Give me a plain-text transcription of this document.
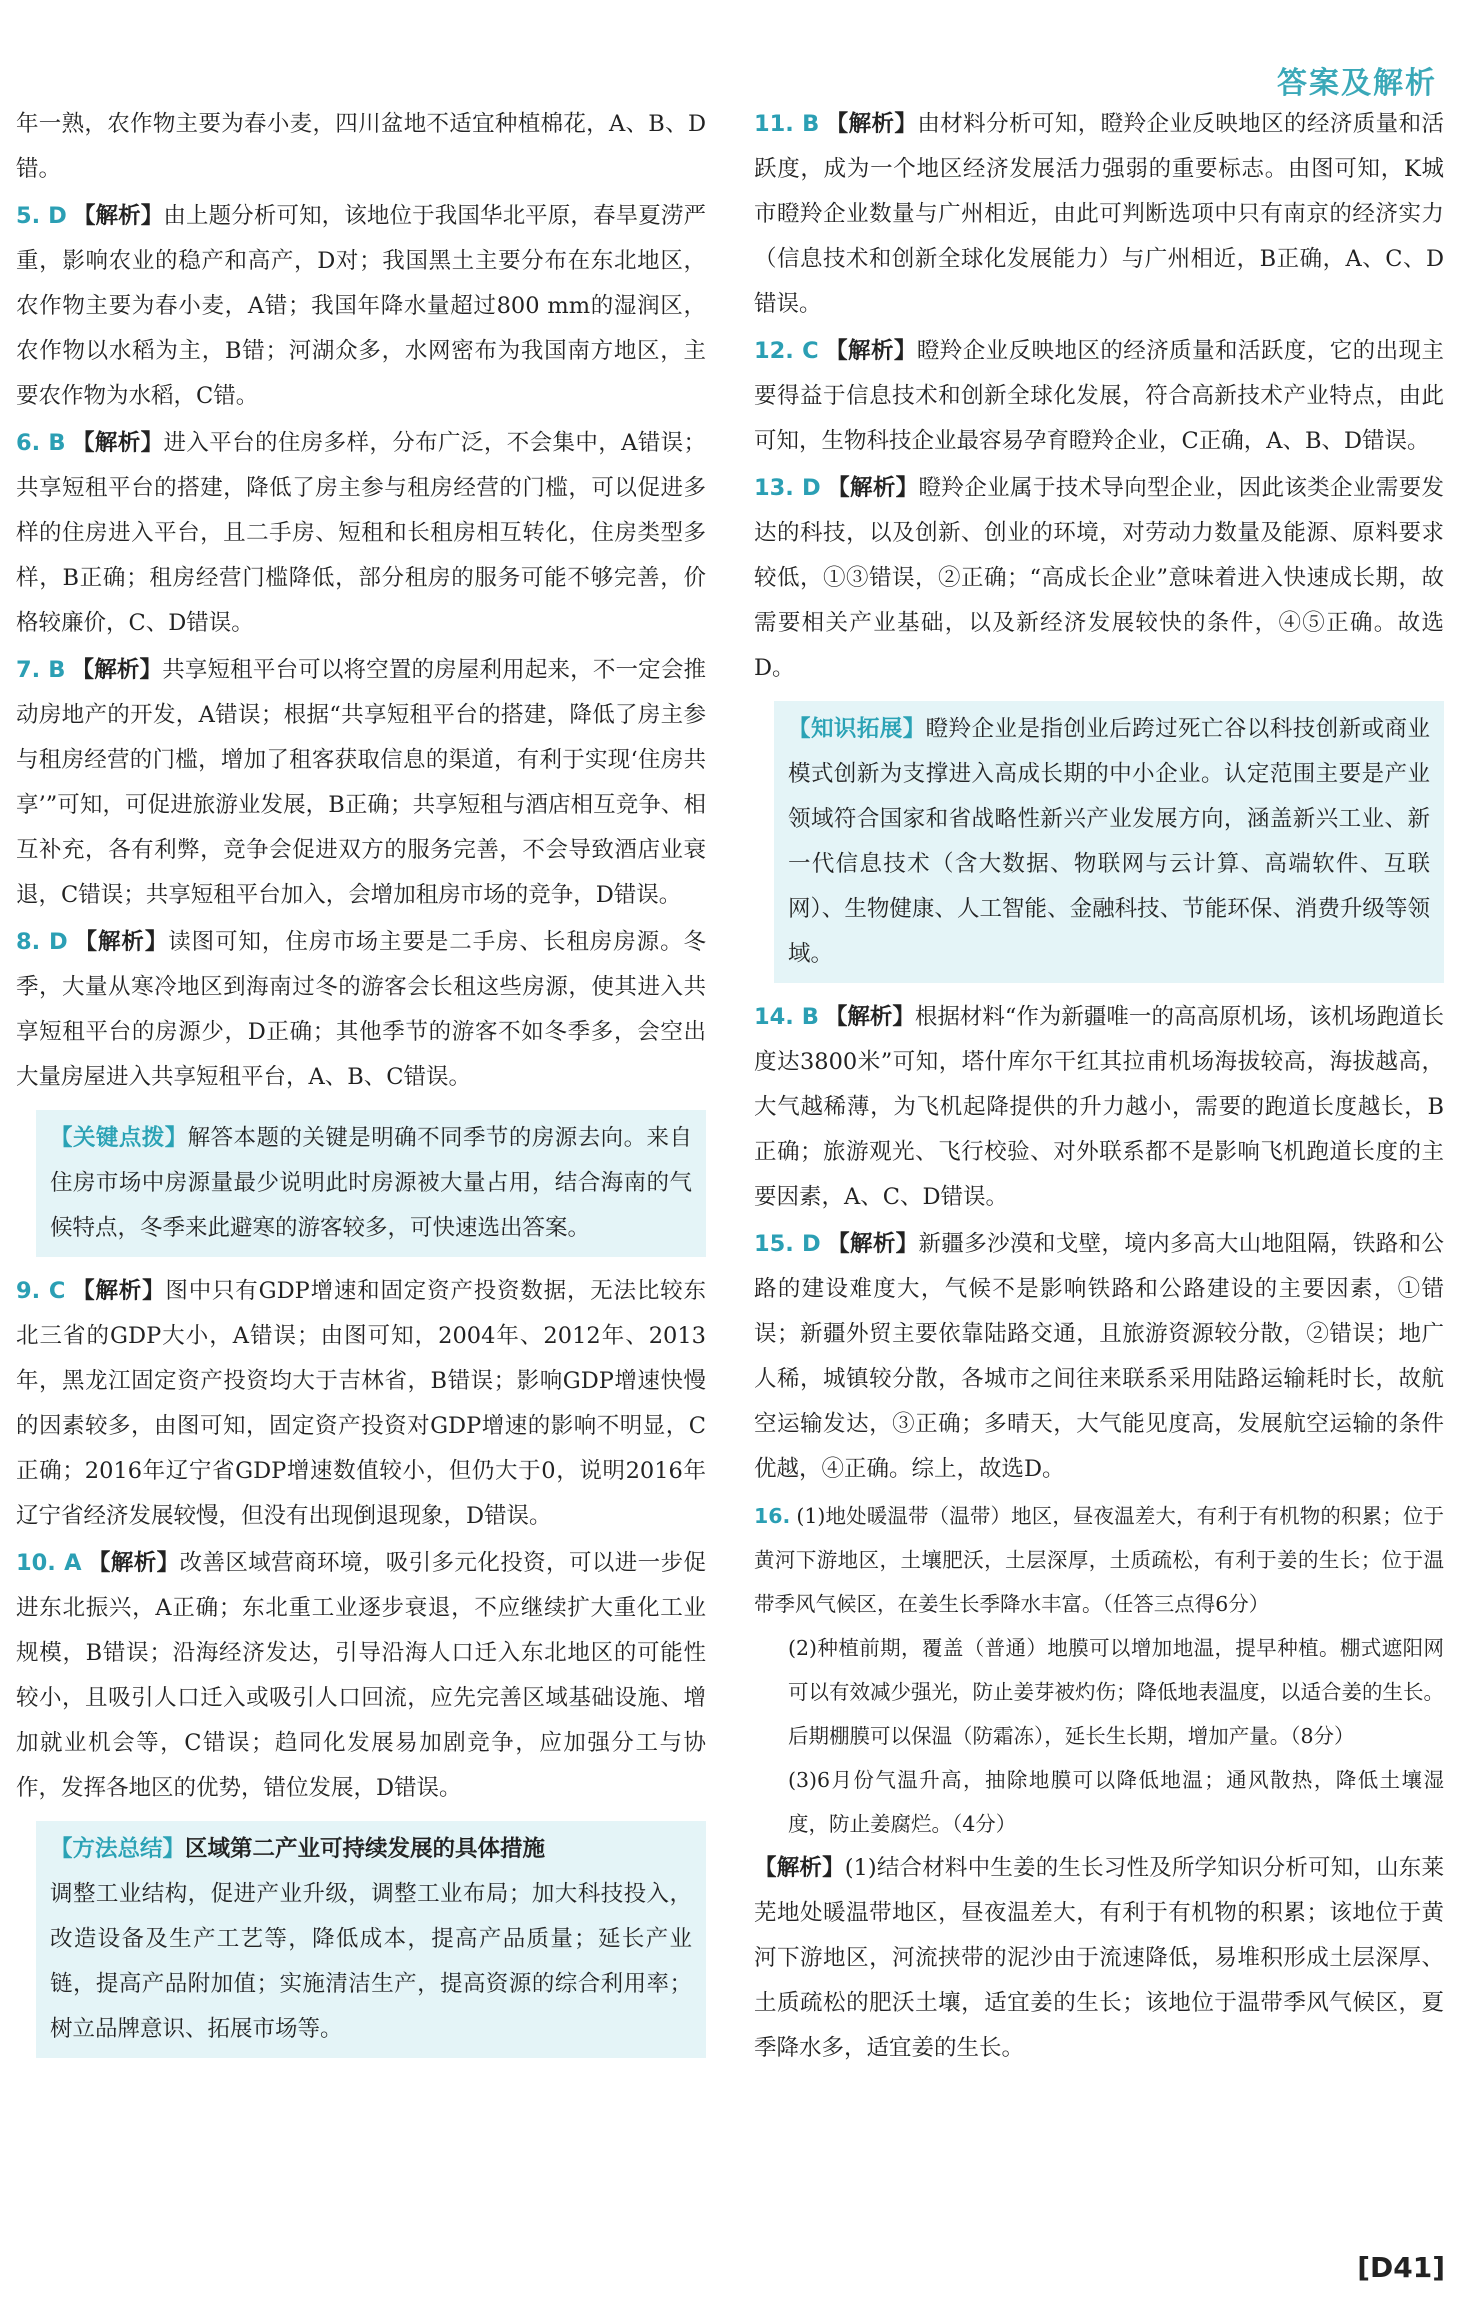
答案及解析

年一熟，农作物主要为春小麦，四川盆地不适宜种植棉花，A、B、D错。

5. D 【解析】由上题分析可知，该地位于我国华北平原，春旱夏涝严重，影响农业的稳产和高产，D对；我国黑土主要分布在东北地区，农作物主要为春小麦，A错；我国年降水量超过800 mm的湿润区，农作物以水稻为主，B错；河湖众多，水网密布为我国南方地区，主要农作物为水稻，C错。

6. B 【解析】进入平台的住房多样，分布广泛，不会集中，A错误；共享短租平台的搭建，降低了房主参与租房经营的门槛，可以促进多样的住房进入平台，且二手房、短租和长租房相互转化，住房类型多样，B正确；租房经营门槛降低，部分租房的服务可能不够完善，价格较廉价，C、D错误。

7. B 【解析】共享短租平台可以将空置的房屋利用起来，不一定会推动房地产的开发，A错误；根据“共享短租平台的搭建，降低了房主参与租房经营的门槛，增加了租客获取信息的渠道，有利于实现‘住房共享’”可知，可促进旅游业发展，B正确；共享短租与酒店相互竞争、相互补充，各有利弊，竞争会促进双方的服务完善，不会导致酒店业衰退，C错误；共享短租平台加入，会增加租房市场的竞争，D错误。

8. D 【解析】读图可知，住房市场主要是二手房、长租房房源。冬季，大量从寒冷地区到海南过冬的游客会长租这些房源，使其进入共享短租平台的房源少，D正确；其他季节的游客不如冬季多，会空出大量房屋进入共享短租平台，A、B、C错误。

【关键点拨】解答本题的关键是明确不同季节的房源去向。来自住房市场中房源量最少说明此时房源被大量占用，结合海南的气候特点，冬季来此避寒的游客较多，可快速选出答案。

9. C 【解析】图中只有GDP增速和固定资产投资数据，无法比较东北三省的GDP大小，A错误；由图可知，2004年、2012年、2013年，黑龙江固定资产投资均大于吉林省，B错误；影响GDP增速快慢的因素较多，由图可知，固定资产投资对GDP增速的影响不明显，C正确；2016年辽宁省GDP增速数值较小，但仍大于0，说明2016年辽宁省经济发展较慢，但没有出现倒退现象，D错误。

10. A 【解析】改善区域营商环境，吸引多元化投资，可以进一步促进东北振兴，A正确；东北重工业逐步衰退，不应继续扩大重化工业规模，B错误；沿海经济发达，引导沿海人口迁入东北地区的可能性较小，且吸引人口迁入或吸引人口回流，应先完善区域基础设施、增加就业机会等，C错误；趋同化发展易加剧竞争，应加强分工与协作，发挥各地区的优势，错位发展，D错误。

【方法总结】区域第二产业可持续发展的具体措施

调整工业结构，促进产业升级，调整工业布局；加大科技投入，改造设备及生产工艺等，降低成本，提高产品质量；延长产业链，提高产品附加值；实施清洁生产，提高资源的综合利用率；树立品牌意识、拓展市场等。

11. B 【解析】由材料分析可知，瞪羚企业反映地区的经济质量和活跃度，成为一个地区经济发展活力强弱的重要标志。由图可知，K城市瞪羚企业数量与广州相近，由此可判断选项中只有南京的经济实力（信息技术和创新全球化发展能力）与广州相近，B正确，A、C、D错误。

12. C 【解析】瞪羚企业反映地区的经济质量和活跃度，它的出现主要得益于信息技术和创新全球化发展，符合高新技术产业特点，由此可知，生物科技企业最容易孕育瞪羚企业，C正确，A、B、D错误。

13. D 【解析】瞪羚企业属于技术导向型企业，因此该类企业需要发达的科技，以及创新、创业的环境，对劳动力数量及能源、原料要求较低，①③错误，②正确；“高成长企业”意味着进入快速成长期，故需要相关产业基础，以及新经济发展较快的条件，④⑤正确。故选D。

【知识拓展】瞪羚企业是指创业后跨过死亡谷以科技创新或商业模式创新为支撑进入高成长期的中小企业。认定范围主要是产业领域符合国家和省战略性新兴产业发展方向，涵盖新兴工业、新一代信息技术（含大数据、物联网与云计算、高端软件、互联网）、生物健康、人工智能、金融科技、节能环保、消费升级等领域。

14. B 【解析】根据材料“作为新疆唯一的高高原机场，该机场跑道长度达3800米”可知，塔什库尔干红其拉甫机场海拔较高，海拔越高，大气越稀薄，为飞机起降提供的升力越小，需要的跑道长度越长，B正确；旅游观光、飞行校验、对外联系都不是影响飞机跑道长度的主要因素，A、C、D错误。

15. D 【解析】新疆多沙漠和戈壁，境内多高大山地阻隔，铁路和公路的建设难度大，气候不是影响铁路和公路建设的主要因素，①错误；新疆外贸主要依靠陆路交通，且旅游资源较分散，②错误；地广人稀，城镇较分散，各城市之间往来联系采用陆路运输耗时长，故航空运输发达，③正确；多晴天，大气能见度高，发展航空运输的条件优越，④正确。综上，故选D。

16. (1)地处暖温带（温带）地区，昼夜温差大，有利于有机物的积累；位于黄河下游地区，土壤肥沃，土层深厚，土质疏松，有利于姜的生长；位于温带季风气候区，在姜生长季降水丰富。（任答三点得6分）

(2)种植前期，覆盖（普通）地膜可以增加地温，提早种植。棚式遮阳网可以有效减少强光，防止姜芽被灼伤；降低地表温度，以适合姜的生长。后期棚膜可以保温（防霜冻），延长生长期，增加产量。（8分）

(3)6月份气温升高，抽除地膜可以降低地温；通风散热，降低土壤湿度，防止姜腐烂。（4分）

【解析】(1)结合材料中生姜的生长习性及所学知识分析可知，山东莱芜地处暖温带地区，昼夜温差大，有利于有机物的积累；该地位于黄河下游地区，河流挟带的泥沙由于流速降低，易堆积形成土层深厚、土质疏松的肥沃土壤，适宜姜的生长；该地位于温带季风气候区，夏季降水多，适宜姜的生长。

[D41]
